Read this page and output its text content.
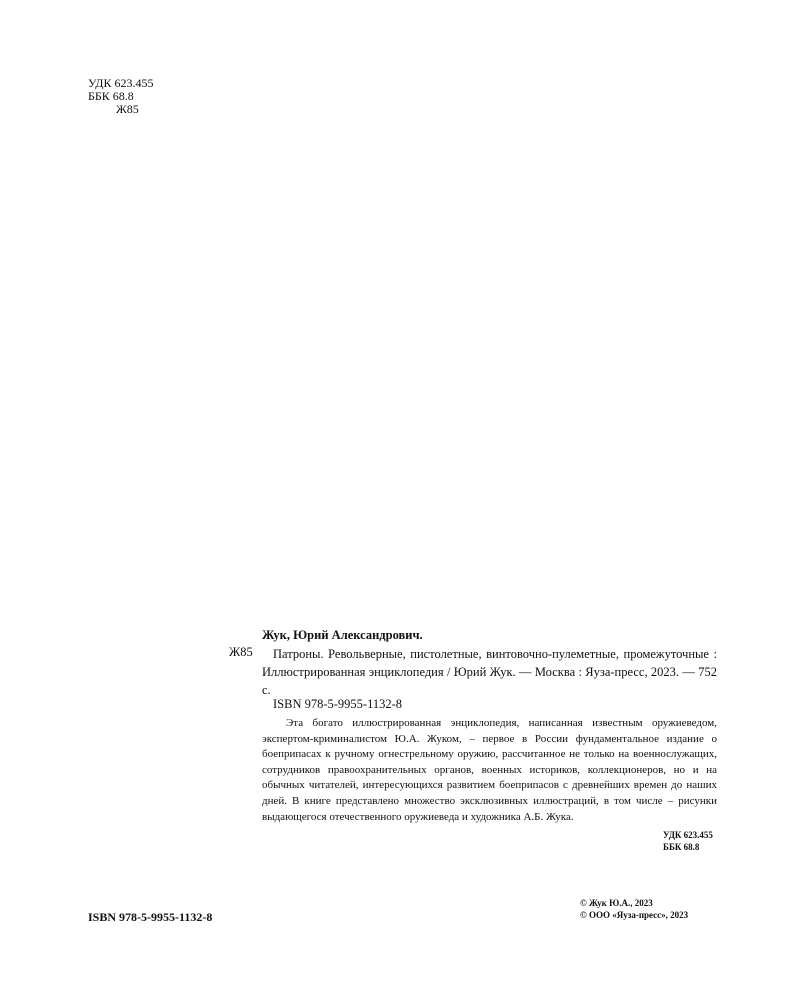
УДК 623.455
ББК 68.8
Ж85
Жук, Юрий Александрович.
Ж85	Патроны. Револьверные, пистолетные, винтовочно-пулеметные, промежуточные : Иллюстрированная энциклопедия / Юрий Жук. — Москва : Яуза-пресс, 2023. — 752 с.
ISBN 978-5-9955-1132-8
Эта богато иллюстрированная энциклопедия, написанная известным оружиеведом, экспертом-криминалистом Ю.А. Жуком, – первое в России фундаментальное издание о боеприпасах к ручному огнестрельному оружию, рассчитанное не только на военнослужащих, сотрудников правоохранительных органов, военных историков, коллекционеров, но и на обычных читателей, интересующихся развитием боеприпасов с древнейших времен до наших дней. В книге представлено множество эксклюзивных иллюстраций, в том числе – рисунки выдающегося отечественного оружиеведа и художника А.Б. Жука.
УДК 623.455
ББК 68.8
ISBN 978-5-9955-1132-8
© Жук Ю.А., 2023
© ООО «Яуза-пресс», 2023
